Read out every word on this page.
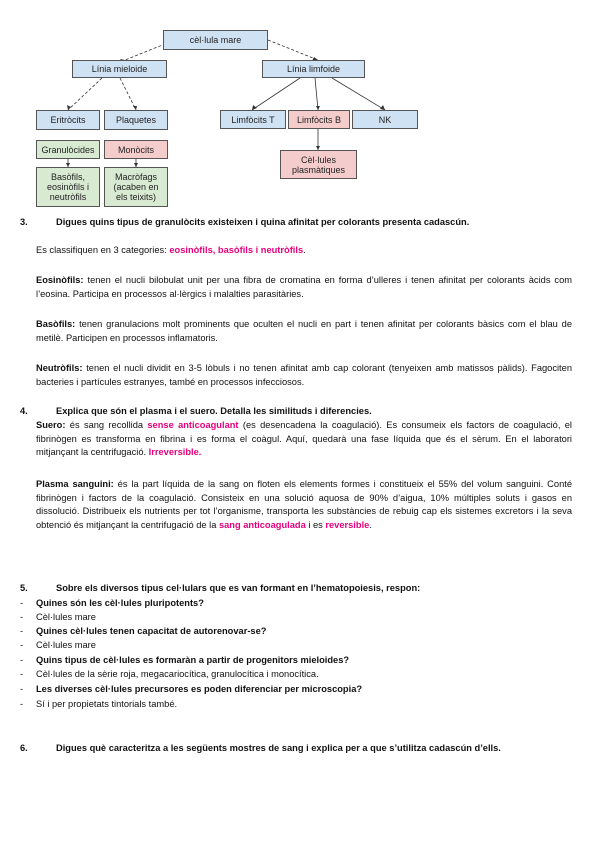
cèl·lula mare
Línia mieloide	Línia limfoide
Eritròcits	Plaquetes
Granulòcides	Monòcits
Basòfils, eosinòfils i neutròfils
Macròfags (acaben en els teixits)
Limfòcits T Limfòcits B	NK
Cèl·lules plasmàtiques
3.	Digues quins tipus de granulòcits existeixen i quina afinitat per colorants presenta cadascún.
Es classifiquen en 3 categories: eosinòfils, basòfils i neutròfils.
Eosinòfils: tenen el nucli bilobulat unit per una fibra de cromatina en forma d’ulleres i tenen afinitat per colorants àcids com l’eosina. Participa en processos al·lèrgics i malalties parasitàries.
Basòfils: tenen granulacions molt prominents que oculten el nucli en part i tenen afinitat per colorants bàsics com el blau de metilè. Participen en processos inflamatoris.
Neutròfils: tenen el nucli dividit en 3-5 lòbuls i no tenen afinitat amb cap colorant (tenyeixen amb matissos pàlids). Fagociten bacteries i partícules estranyes, també en processos infecciosos.
4.	Explica que són el plasma i el suero. Detalla les similituds i diferencies.
Suero: és sang recollida sense anticoagulant (es desencadena la coagulació). Es consumeix els factors de coagulació, el fibrinògen es transforma en fibrina i es forma el coàgul. Aquí, quedarà una fase líquida que és el sèrum. En el laboratori mitjançant la centrifugació. Irreversible.
Plasma sanguini: és la part líquida de la sang on floten els elements formes i constitueix el 55% del volum sanguini. Conté fibrinògen i factors de la coagulació. Consisteix en una solució aquosa de 90% d’aigua, 10% múltiples soluts i gasos en dissolució. Distribueix els nutrients per tot l’organisme, transporta les substàncies de rebuig cap els sistemes excretors i la seva obtenció és mitjançant la centrifugació de la sang anticoagulada i es reversible.
5.	Sobre els diversos tipus cel·lulars que es van formant en l’hematopoiesis, respon:
- Quines són les cèl·lules pluripotents?
- Cèl·lules mare
- Quines cèl·lules tenen capacitat de autorenovar-se?
- Cèl·lules mare
- Quins tipus de cèl·lules es formaràn a partir de progenitors mieloides?
- Cèl·lules de la sèrie roja, megacariocítica, granulocítica i monocítica.
- Les diverses cèl·lules precursores es poden diferenciar per microscopia?
- Sí i per propietats tintorials també.
6.	Digues què caracteritza a les següents mostres de sang i explica per a que s’utilitza cadascún d’ells.
